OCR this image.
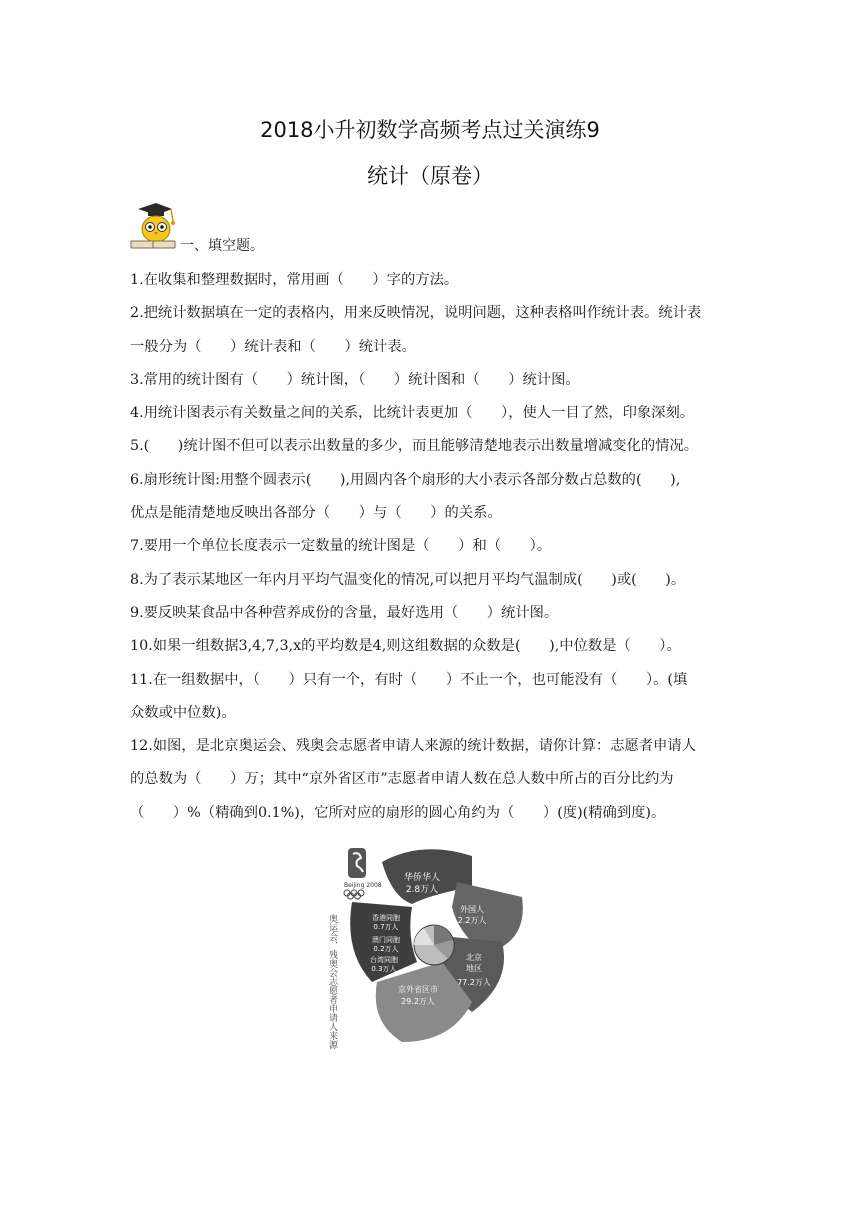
2018小升初数学高频考点过关演练9
统计（原卷）
一、填空题。
1.在收集和整理数据时，常用画（　　）字的方法。
2.把统计数据填在一定的表格内，用来反映情况，说明问题，这种表格叫作统计表。统计表
一般分为（　　）统计表和（　　）统计表。
3.常用的统计图有（　　）统计图，（　　）统计图和（　　）统计图。
4.用统计图表示有关数量之间的关系，比统计表更加（　　），使人一目了然，印象深刻。
5.(　　)统计图不但可以表示出数量的多少，而且能够清楚地表示出数量增减变化的情况。
6.扇形统计图:用整个圆表示(　　),用圆内各个扇形的大小表示各部分数占总数的(　　),
优点是能清楚地反映出各部分（　　）与（　　）的关系。
7.要用一个单位长度表示一定数量的统计图是（　　）和（　　）。
8.为了表示某地区一年内月平均气温变化的情况,可以把月平均气温制成(　　)或(　　)。
9.要反映某食品中各种营养成份的含量，最好选用（　　）统计图。
10.如果一组数据3,4,7,3,x的平均数是4,则这组数据的众数是(　　),中位数是（　　）。
11.在一组数据中，（　　）只有一个，有时（　　）不止一个，也可能没有（　　）。(填
众数或中位数)。
12.如图，是北京奥运会、残奥会志愿者申请人来源的统计数据，请你计算：志愿者申请人
的总数为（　　）万；其中“京外省区市”志愿者申请人数在总人数中所占的百分比约为
（　　）%（精确到0.1%)，它所对应的扇形的圆心角约为（　　）(度)(精确到度)。
Beijing 2008
奥运会、残奥会志愿者申请人来源
华侨华人 2.8万人
外国人 2.2万人
香港同胞 0.7万人
澳门同胞 0.2万人
台湾同胞 0.3万人
北京地区 77.2万人
京外省区市 29.2万人
